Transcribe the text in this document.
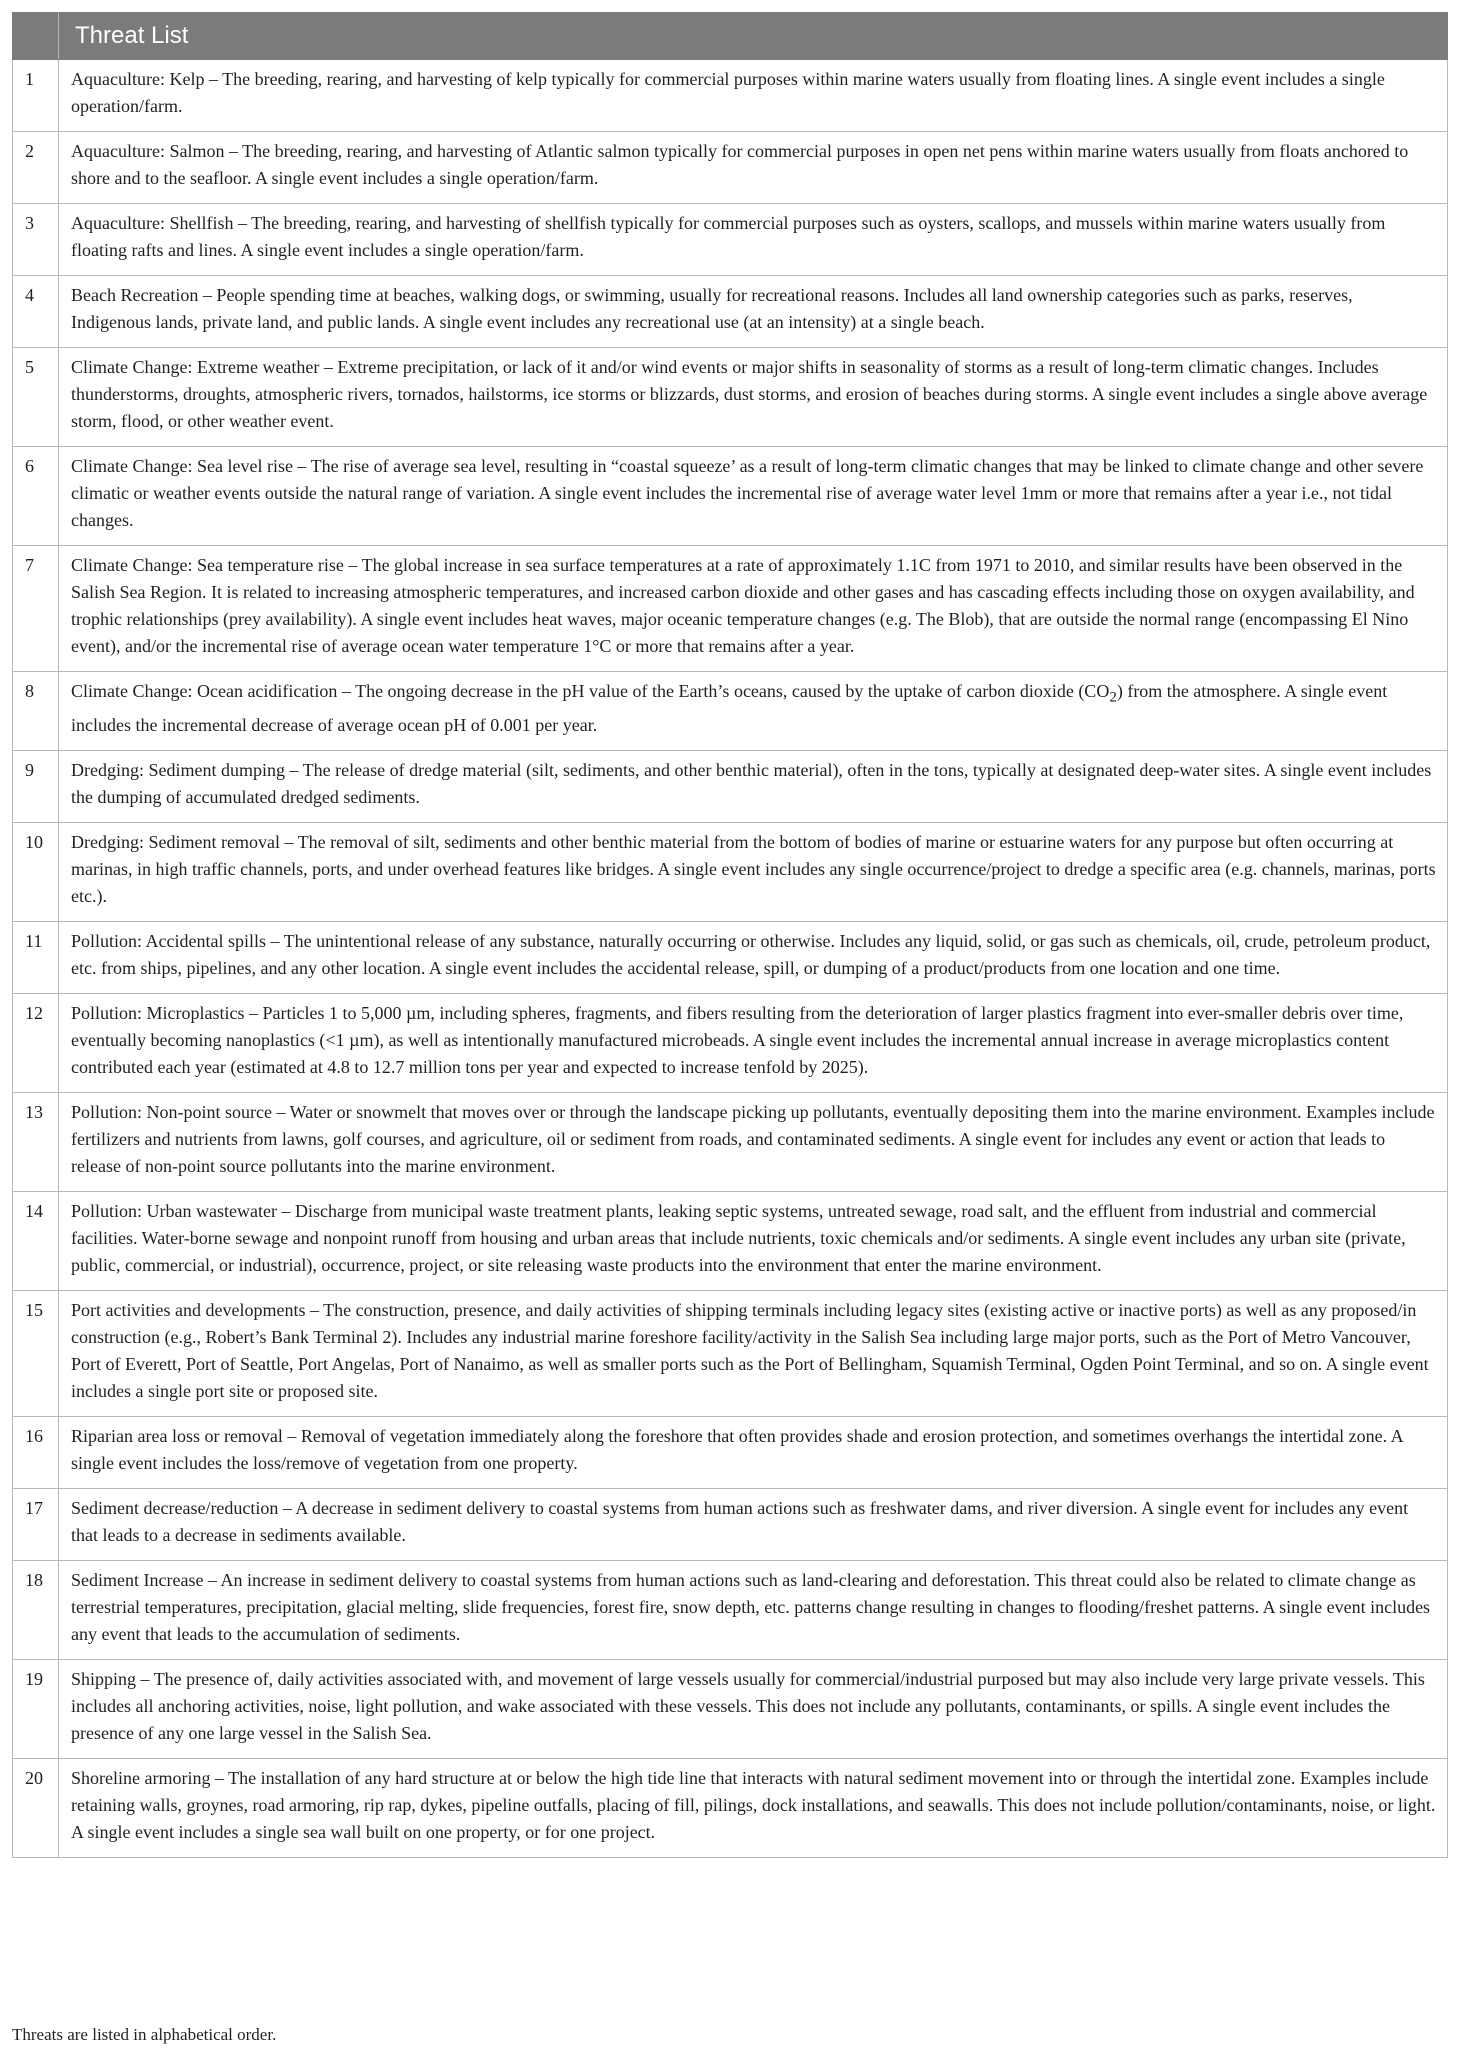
	Threat List
1	Aquaculture: Kelp – The breeding, rearing, and harvesting of kelp typically for commercial purposes within marine waters usually from floating lines. A single event includes a single operation/farm.
2	Aquaculture: Salmon – The breeding, rearing, and harvesting of Atlantic salmon typically for commercial purposes in open net pens within marine waters usually from floats anchored to shore and to the seafloor. A single event includes a single operation/farm.
3	Aquaculture: Shellfish – The breeding, rearing, and harvesting of shellfish typically for commercial purposes such as oysters, scallops, and mussels within marine waters usually from floating rafts and lines. A single event includes a single operation/farm.
4	Beach Recreation – People spending time at beaches, walking dogs, or swimming, usually for recreational reasons. Includes all land ownership categories such as parks, reserves, Indigenous lands, private land, and public lands. A single event includes any recreational use (at an intensity) at a single beach.
5	Climate Change: Extreme weather – Extreme precipitation, or lack of it and/or wind events or major shifts in seasonality of storms as a result of long-term climatic changes. Includes thunderstorms, droughts, atmospheric rivers, tornados, hailstorms, ice storms or blizzards, dust storms, and erosion of beaches during storms. A single event includes a single above average storm, flood, or other weather event.
6	Climate Change: Sea level rise – The rise of average sea level, resulting in “coastal squeeze’ as a result of long-term climatic changes that may be linked to climate change and other severe climatic or weather events outside the natural range of variation. A single event includes the incremental rise of average water level 1mm or more that remains after a year i.e., not tidal changes.
7	Climate Change: Sea temperature rise – The global increase in sea surface temperatures at a rate of approximately 1.1C from 1971 to 2010, and similar results have been observed in the Salish Sea Region. It is related to increasing atmospheric temperatures, and increased carbon dioxide and other gases and has cascading effects including those on oxygen availability, and trophic relationships (prey availability). A single event includes heat waves, major oceanic temperature changes (e.g. The Blob), that are outside the normal range (encompassing El Nino event), and/or the incremental rise of average ocean water temperature 1°C or more that remains after a year.
8	Climate Change: Ocean acidification – The ongoing decrease in the pH value of the Earth’s oceans, caused by the uptake of carbon dioxide $(CO_2)$ from the atmosphere. A single event includes the incremental decrease of average ocean pH of 0.001 per year.
9	Dredging: Sediment dumping – The release of dredge material (silt, sediments, and other benthic material), often in the tons, typically at designated deep-water sites. A single event includes the dumping of accumulated dredged sediments.
10	Dredging: Sediment removal – The removal of silt, sediments and other benthic material from the bottom of bodies of marine or estuarine waters for any purpose but often occurring at marinas, in high traffic channels, ports, and under overhead features like bridges. A single event includes any single occurrence/project to dredge a specific area (e.g. channels, marinas, ports etc.).
11	Pollution: Accidental spills – The unintentional release of any substance, naturally occurring or otherwise. Includes any liquid, solid, or gas such as chemicals, oil, crude, petroleum product, etc. from ships, pipelines, and any other location. A single event includes the accidental release, spill, or dumping of a product/products from one location and one time.
12	Pollution: Microplastics – Particles 1 to 5,000 µm, including spheres, fragments, and fibers resulting from the deterioration of larger plastics fragment into ever-smaller debris over time, eventually becoming nanoplastics (<1 µm), as well as intentionally manufactured microbeads. A single event includes the incremental annual increase in average microplastics content contributed each year (estimated at 4.8 to 12.7 million tons per year and expected to increase tenfold by 2025).
13	Pollution: Non-point source – Water or snowmelt that moves over or through the landscape picking up pollutants, eventually depositing them into the marine environment. Examples include fertilizers and nutrients from lawns, golf courses, and agriculture, oil or sediment from roads, and contaminated sediments. A single event for includes any event or action that leads to release of non-point source pollutants into the marine environment.
14	Pollution: Urban wastewater – Discharge from municipal waste treatment plants, leaking septic systems, untreated sewage, road salt, and the effluent from industrial and commercial facilities. Water-borne sewage and nonpoint runoff from housing and urban areas that include nutrients, toxic chemicals and/or sediments. A single event includes any urban site (private, public, commercial, or industrial), occurrence, project, or site releasing waste products into the environment that enter the marine environment.
15	Port activities and developments – The construction, presence, and daily activities of shipping terminals including legacy sites (existing active or inactive ports) as well as any proposed/in construction (e.g., Robert’s Bank Terminal 2). Includes any industrial marine foreshore facility/activity in the Salish Sea including large major ports, such as the Port of Metro Vancouver, Port of Everett, Port of Seattle, Port Angelas, Port of Nanaimo, as well as smaller ports such as the Port of Bellingham, Squamish Terminal, Ogden Point Terminal, and so on. A single event includes a single port site or proposed site.
16	Riparian area loss or removal – Removal of vegetation immediately along the foreshore that often provides shade and erosion protection, and sometimes overhangs the intertidal zone. A single event includes the loss/remove of vegetation from one property.
17	Sediment decrease/reduction – A decrease in sediment delivery to coastal systems from human actions such as freshwater dams, and river diversion. A single event for includes any event that leads to a decrease in sediments available.
18	Sediment Increase – An increase in sediment delivery to coastal systems from human actions such as land-clearing and deforestation. This threat could also be related to climate change as terrestrial temperatures, precipitation, glacial melting, slide frequencies, forest fire, snow depth, etc. patterns change resulting in changes to flooding/freshet patterns. A single event includes any event that leads to the accumulation of sediments.
19	Shipping – The presence of, daily activities associated with, and movement of large vessels usually for commercial/industrial purposed but may also include very large private vessels. This includes all anchoring activities, noise, light pollution, and wake associated with these vessels. This does not include any pollutants, contaminants, or spills. A single event includes the presence of any one large vessel in the Salish Sea.
20	Shoreline armoring – The installation of any hard structure at or below the high tide line that interacts with natural sediment movement into or through the intertidal zone. Examples include retaining walls, groynes, road armoring, rip rap, dykes, pipeline outfalls, placing of fill, pilings, dock installations, and seawalls. This does not include pollution/contaminants, noise, or light. A single event includes a single sea wall built on one property, or for one project.
Threats are listed in alphabetical order.
